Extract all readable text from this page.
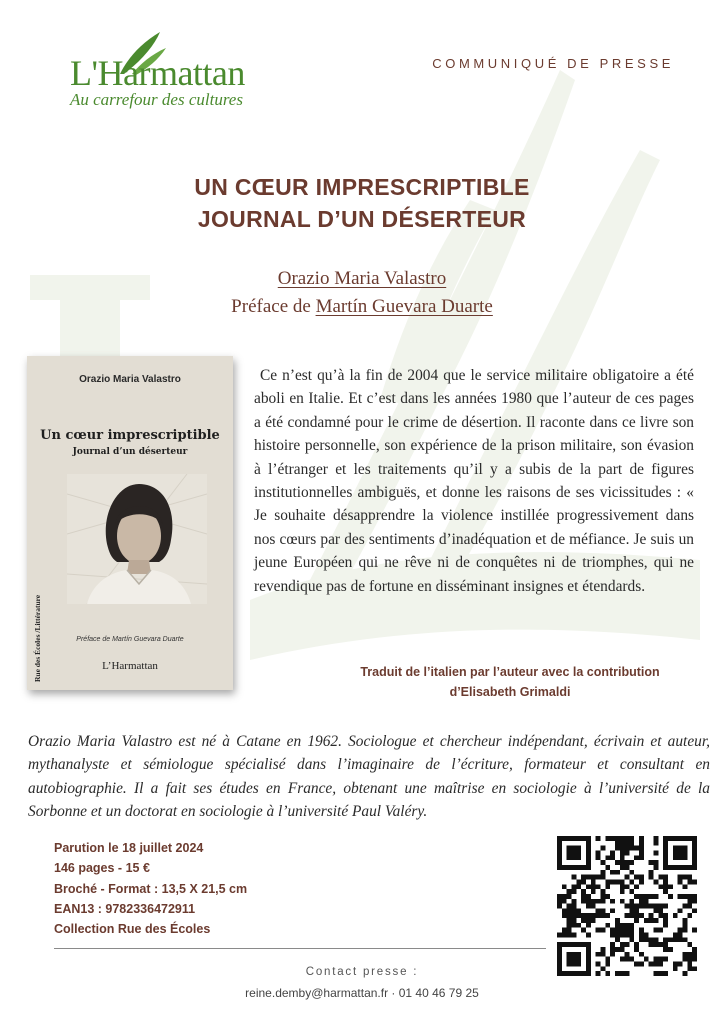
L'Harmattan
Au carrefour des cultures
COMMUNIQUÉ DE PRESSE
UN CŒUR IMPRESCRIPTIBLE
JOURNAL D’UN DÉSERTEUR
Orazio Maria Valastro
Préface de Martín Guevara Duarte
Orazio Maria Valastro
Un cœur imprescriptible
Journal d’un déserteur
Rue des Écoles /Littérature	Préface de Martín Guevara Duarte
L’Harmattan
Ce n’est qu’à la fin de 2004 que le service militaire obligatoire a été aboli en Italie. Et c’est dans les années 1980 que l’auteur de ces pages a été condamné pour le crime de désertion. Il raconte dans ce livre son histoire personnelle, son expérience de la prison militaire, son évasion à l’étranger et les traitements qu’il y a subis de la part de figures institutionnelles ambiguës, et donne les raisons de ses vicissitudes : « Je souhaite désapprendre la violence instillée progressivement dans nos cœurs par des sentiments d’inadéquation et de méfiance. Je suis un jeune Européen qui ne rêve ni de conquêtes ni de triomphes, qui ne revendique pas de fortune en disséminant insignes et étendards.
Traduit de l’italien par l’auteur avec la contribution
d’Elisabeth Grimaldi
Orazio Maria Valastro est né à Catane en 1962. Sociologue et chercheur indépendant, écrivain et auteur, mythanalyste et sémiologue spécialisé dans l’imaginaire de l’écriture, formateur et consultant en autobiographie. Il a fait ses études en France, obtenant une maîtrise en sociologie à l’université de la Sorbonne et un doctorat en sociologie à l’université Paul Valéry.
Parution le 18 juillet 2024
146 pages - 15 €
Broché - Format : 13,5 X 21,5 cm
EAN13 : 9782336472911
Collection Rue des Écoles
Contact presse :
reine.demby@harmattan.fr · 01 40 46 79 25
